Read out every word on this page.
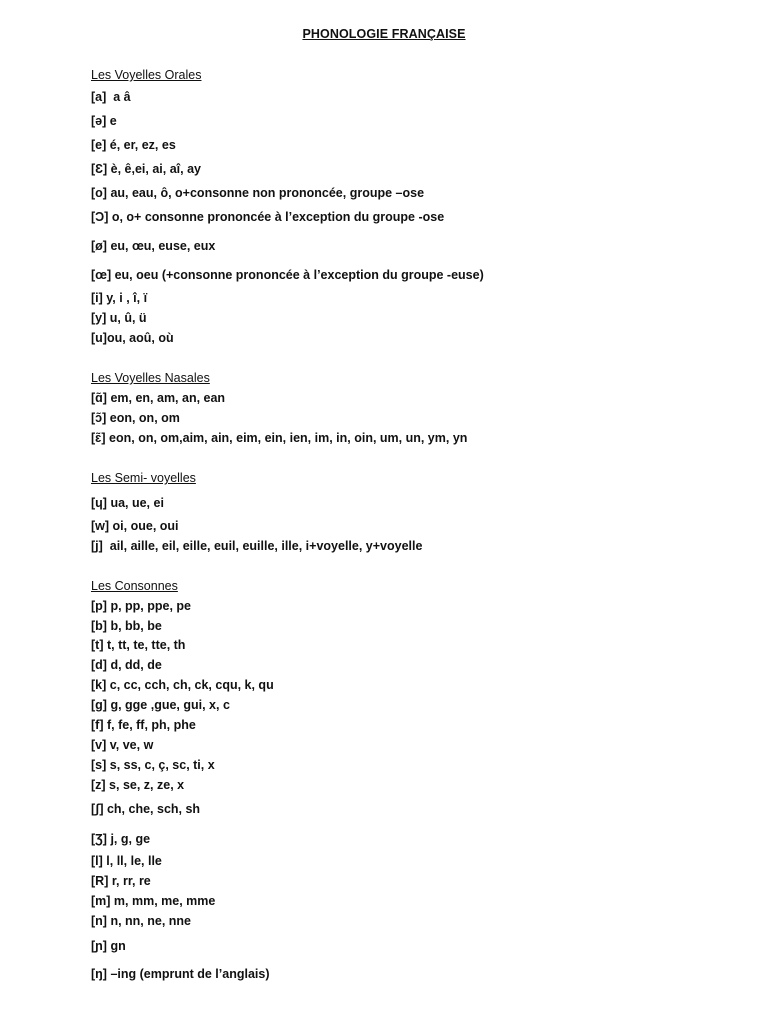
PHONOLOGIE FRANÇAISE
Les Voyelles Orales
[a]  a â
[ə] e
[e] é, er, ez, es
[Ɛ] è, ê,ei, ai, aî, ay
[o] au, eau, ô, o+consonne non prononcée, groupe –ose
[Ɔ] o, o+ consonne prononcée à l’exception du groupe -ose
[ø] eu, œu, euse, eux
[œ] eu, oeu (+consonne prononcée à l’exception du groupe -euse)
[i] y, i , î, ï
[y] u, û, ü
[u]ou, aoû, où
Les Voyelles Nasales
[ɑ̃] em, en, am, an, ean
[ɔ̃] eon, on, om
[ɛ̃] eon, on, om,aim, ain, eim, ein, ien, im, in, oin, um, un, ym, yn
Les Semi- voyelles
[ɥ] ua, ue, ei
[w] oi, oue, oui
[j]  ail, aille, eil, eille, euil, euille, ille, i+voyelle, y+voyelle
Les Consonnes
[p] p, pp, ppe, pe
[b] b, bb, be
[t] t, tt, te, tte, th
[d] d, dd, de
[k] c, cc, cch, ch, ck, cqu, k, qu
[g] g, gge ,gue, gui, x, c
[f] f, fe, ff, ph, phe
[v] v, ve, w
[s] s, ss, c, ç, sc, ti, x
[z] s, se, z, ze, x
[ʃ] ch, che, sch, sh
[Ʒ] j, g, ge
[l] l, ll, le, lle
[R] r, rr, re
[m] m, mm, me, mme
[n] n, nn, ne, nne
[ɲ] gn
[ŋ] –ing (emprunt de l’anglais)
